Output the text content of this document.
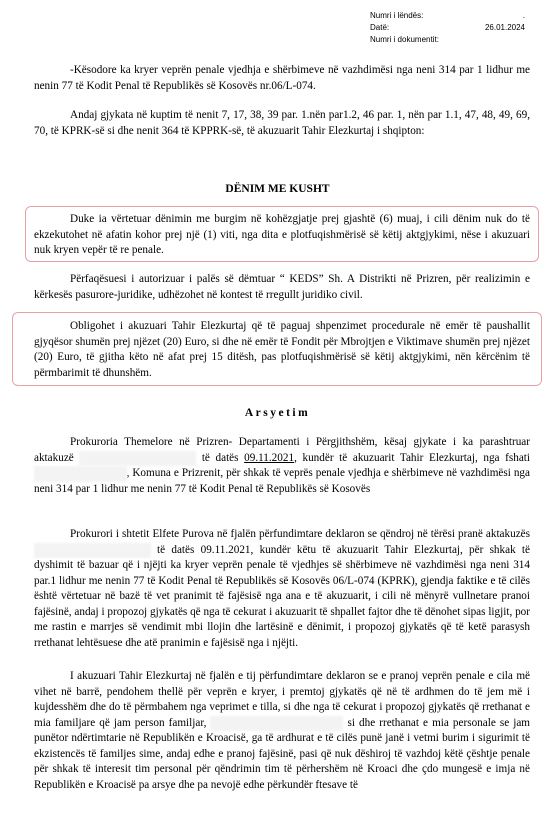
Numri i lëndës:	.
Datë:	26.01.2024
Numri i dokumentit:
-Kësodore ka kryer veprën penale vjedhja e shërbimeve në vazhdimësi nga neni 314 par 1 lidhur me nenin 77 të Kodit Penal të Republikës së Kosovës nr.06/L-074.
Andaj gjykata në kuptim të nenit 7, 17, 38, 39 par. 1.nën par1.2, 46 par. 1, nën par 1.1, 47, 48, 49, 69, 70, të KPRK-së si dhe nenit 364 të KPPRK-së, të akuzuarit Tahir Elezkurtaj i shqipton:
DËNIM ME KUSHT
Duke ia vërtetuar dënimin me burgim në kohëzgjatje prej gjashtë (6) muaj, i cili dënim nuk do të ekzekutohet në afatin kohor prej një (1) viti, nga dita e plotfuqishmërisë së këtij aktgjykimi, nëse i akuzuari nuk kryen vepër të re penale.
Përfaqësuesi i autorizuar i palës së dëmtuar “ KEDS” Sh. A Distrikti në Prizren, për realizimin e kërkesës pasurore-juridike, udhëzohet në kontest të rregullt juridiko civil.
Obligohet i akuzuari Tahir Elezkurtaj që të paguaj shpenzimet procedurale në emër të paushallit gjyqësor shumën prej njëzet (20) Euro, si dhe në emër të Fondit për Mbrojtjen e Viktimave shumën prej njëzet (20) Euro, të gjitha këto në afat prej 15 ditësh, pas plotfuqishmërisë së këtij aktgjykimi, nën kërcënim të përmbarimit të dhunshëm.
Arsyetim
Prokuroria Themelore në Prizren- Departamenti i Përgjithshëm, kësaj gjykate i ka parashtruar aktakuzë	XXXXXXXXXX të datës 09.11.2021, kundër të akuzuarit Tahir Elezkurtaj, nga fshati XXXXXXX, Komuna e Prizrenit, për shkak të veprës penale vjedhja e shërbimeve në vazhdimësi nga neni 314 par 1 lidhur me nenin 77 të Kodit Penal të Republikës së Kosovës
Prokurori i shtetit Elfete Purova në fjalën përfundimtare deklaron se qëndroj në tërësi pranë aktakuzës XXXXXXXXXX të datës 09.11.2021, kundër këtu të akuzuarit Tahir Elezkurtaj, për shkak të dyshimit të bazuar që i njëjti ka kryer veprën penale të vjedhjes së shërbimeve në vazhdimësi nga neni 314 par.1 lidhur me nenin 77 të Kodit Penal të Republikës së Kosovës 06/L-074 (KPRK), gjendja faktike e të cilës është vërtetuar në bazë të vet pranimit të fajësisë nga ana e të akuzuarit, i cili në mënyrë vullnetare pranoi fajësinë, andaj i propozoj gjykatës që nga të cekurat i akuzuarit të shpallet fajtor dhe të dënohet sipas ligjit, por me rastin e marrjes së vendimit mbi llojin dhe lartësinë e dënimit, i propozoj gjykatës që të ketë parasysh rrethanat lehtësuese dhe atë pranimin e fajësisë nga i njëjti.
I akuzuari Tahir Elezkurtaj në fjalën e tij përfundimtare deklaron se e pranoj veprën penale e cila më vihet në barrë, pendohem thellë për veprën e kryer, i premtoj gjykatës që në të ardhmen do të jem më i kujdesshëm dhe do të përmbahem nga veprimet e tilla, si dhe nga të cekurat i propozoj gjykatës që rrethanat e mia familjare që jam person familjar,	XXXXXXXXXXXX si dhe rrethanat e mia personale se jam punëtor ndërtimtarie në Republikën e Kroacisë, ga të ardhurat e të cilës punë janë i vetmi burim i sigurimit të ekzistencës të familjes sime, andaj edhe e pranoj fajësinë, pasi që nuk dëshiroj të vazhdoj këtë çështje penale për shkak të interesit tim personal për qëndrimin tim të përhershëm në Kroaci dhe çdo mungesë e imja në Republikën e Kroacisë pa arsye dhe pa nevojë edhe përkundër ftesave të
